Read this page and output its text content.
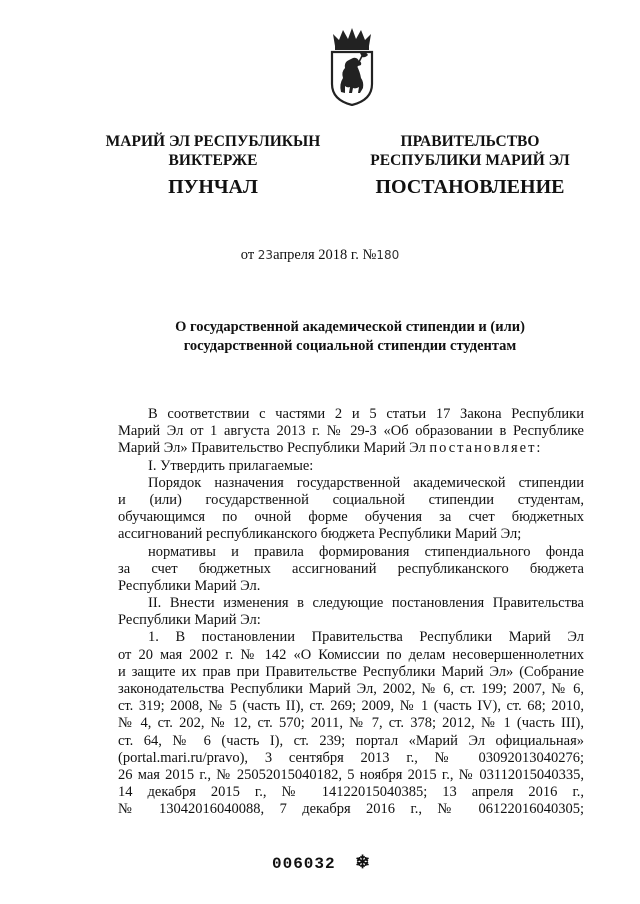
МАРИЙ ЭЛ РЕСПУБЛИКЫН
ВИКТЕРЖЕ
ПРАВИТЕЛЬСТВО
РЕСПУБЛИКИ МАРИЙ ЭЛ
ПУНЧАЛ	ПОСТАНОВЛЕНИЕ
от 23апреля 2018 г. №180
О государственной академической стипендии и (или)
государственной социальной стипендии студентам
В соответствии с частями 2 и 5 статьи 17 Закона Республики
Марий Эл от 1 августа 2013 г. № 29-З «Об образовании в Республике
Марий Эл» Правительство Республики Марий Эл постановляет:
I. Утвердить прилагаемые:
Порядок назначения государственной академической стипендии
и (или) государственной социальной стипендии студентам,
обучающимся по очной форме обучения за счет бюджетных
ассигнований республиканского бюджета Республики Марий Эл;
нормативы и правила формирования стипендиального фонда
за счет бюджетных ассигнований республиканского бюджета
Республики Марий Эл.
II. Внести изменения в следующие постановления Правительства
Республики Марий Эл:
1. В постановлении Правительства Республики Марий Эл
от 20 мая 2002 г. № 142 «О Комиссии по делам несовершеннолетних
и защите их прав при Правительстве Республики Марий Эл» (Собрание
законодательства Республики Марий Эл, 2002, № 6, ст. 199; 2007, № 6,
ст. 319; 2008, № 5 (часть II), ст. 269; 2009, № 1 (часть IV), ст. 68; 2010,
№ 4, ст. 202, № 12, ст. 570; 2011, № 7, ст. 378; 2012, № 1 (часть III),
ст. 64, № 6 (часть I), ст. 239; портал «Марий Эл официальная»
(portal.mari.ru/pravo), 3 сентября 2013 г., № 03092013040276;
26 мая 2015 г., № 25052015040182, 5 ноября 2015 г., № 03112015040335,
14 декабря 2015 г., № 14122015040385; 13 апреля 2016 г.,
№ 13042016040088, 7 декабря 2016 г., № 06122016040305;
006032 ❄
